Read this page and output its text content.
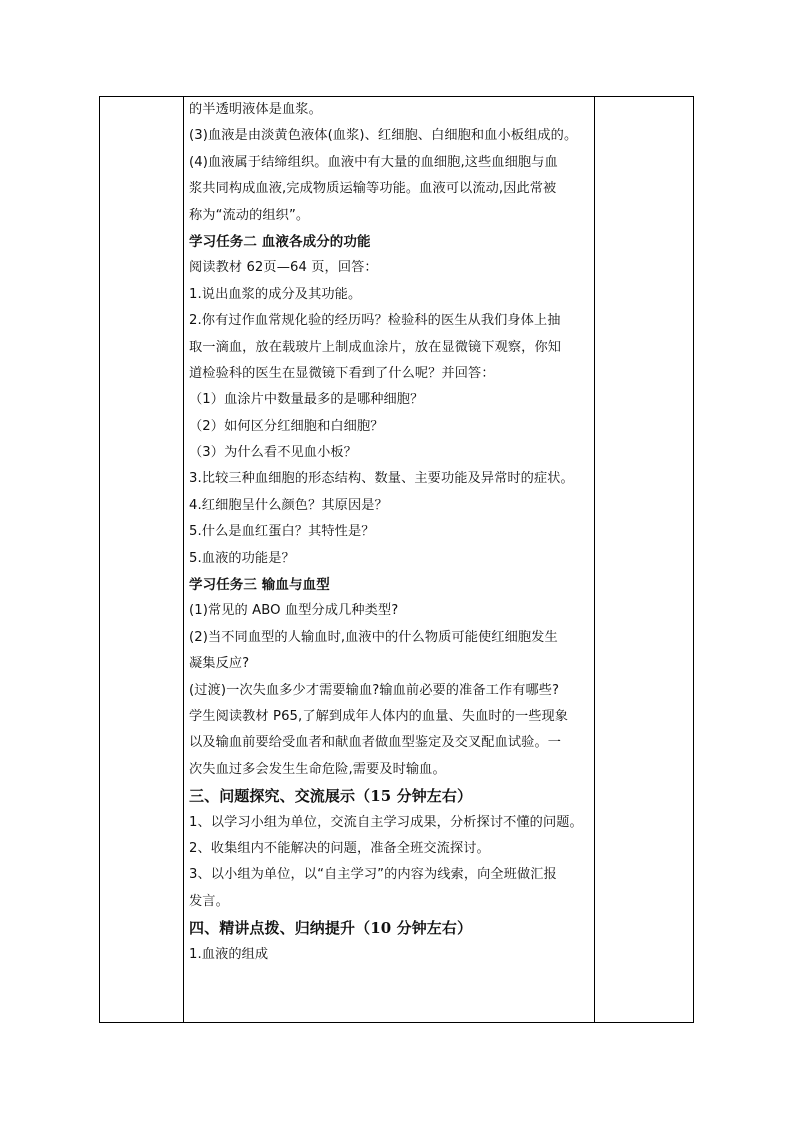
的半透明液体是血浆。
(3)血液是由淡黄色液体(血浆)、红细胞、白细胞和血小板组成的。
(4)血液属于结缔组织。血液中有大量的血细胞,这些血细胞与血
浆共同构成血液,完成物质运输等功能。血液可以流动,因此常被
称为“流动的组织”。
学习任务二 血液各成分的功能
阅读教材 62页—64 页，回答：
1.说出血浆的成分及其功能。
2.你有过作血常规化验的经历吗？检验科的医生从我们身体上抽
取一滴血，放在载玻片上制成血涂片，放在显微镜下观察，你知
道检验科的医生在显微镜下看到了什么呢？并回答：
（1）血涂片中数量最多的是哪种细胞？
（2）如何区分红细胞和白细胞？
（3）为什么看不见血小板？
3.比较三种血细胞的形态结构、数量、主要功能及异常时的症状。
4.红细胞呈什么颜色？其原因是？
5.什么是血红蛋白？其特性是？
5.血液的功能是？
学习任务三 输血与血型
(1)常见的 ABO 血型分成几种类型?
(2)当不同血型的人输血时,血液中的什么物质可能使红细胞发生
凝集反应?
(过渡)一次失血多少才需要输血?输血前必要的准备工作有哪些?
学生阅读教材 P65,了解到成年人体内的血量、失血时的一些现象
以及输血前要给受血者和献血者做血型鉴定及交叉配血试验。一
次失血过多会发生生命危险,需要及时输血。
三、问题探究、交流展示（15 分钟左右）
1、以学习小组为单位，交流自主学习成果，分析探讨不懂的问题。
2、收集组内不能解决的问题，准备全班交流探讨。
3、以小组为单位，以“自主学习”的内容为线索，向全班做汇报
发言。
四、精讲点拨、归纳提升（10 分钟左右）
1.血液的组成
